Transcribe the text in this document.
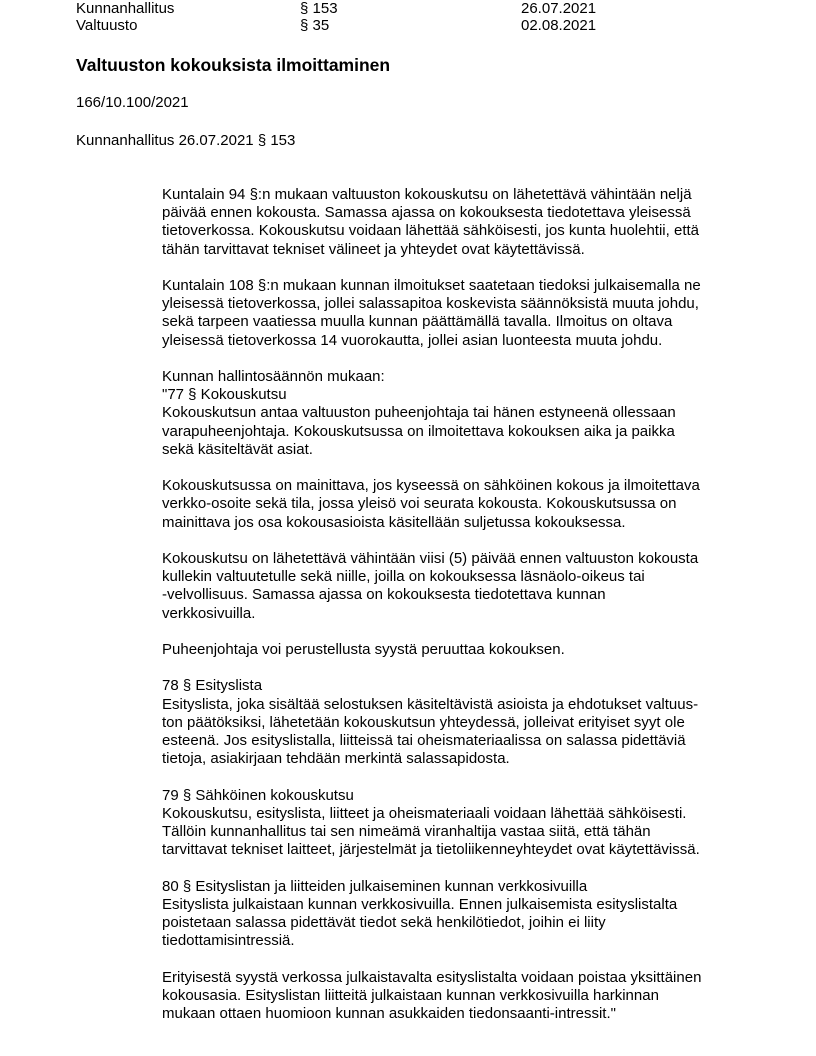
Kunnanhallitus	§ 153	26.07.2021
Valtuusto	§ 35	02.08.2021
Valtuuston kokouksista ilmoittaminen
166/10.100/2021
Kunnanhallitus 26.07.2021 § 153
Kuntalain 94 §:n mukaan valtuuston kokouskutsu on lähetettävä vähintään neljä
päivää ennen kokousta. Samassa ajassa on kokouksesta tiedotettava yleisessä
tietoverkossa. Kokouskutsu voidaan lähettää sähköisesti, jos kunta huolehtii, että
tähän tarvittavat tekniset välineet ja yhteydet ovat käytettävissä.
Kuntalain 108 §:n mukaan kunnan ilmoitukset saatetaan tiedoksi julkaisemalla ne
yleisessä tietoverkossa, jollei salassapitoa koskevista säännöksistä muuta johdu,
sekä tarpeen vaatiessa muulla kunnan päättämällä tavalla. Ilmoitus on oltava
yleisessä tietoverkossa 14 vuorokautta, jollei asian luonteesta muuta johdu.
Kunnan hallintosäännön mukaan:
"77 § Kokouskutsu
Kokouskutsun antaa valtuuston puheenjohtaja tai hänen estyneenä ollessaan
varapuheenjohtaja. Kokouskutsussa on ilmoitettava kokouksen aika ja paikka
sekä käsiteltävät asiat.
Kokouskutsussa on mainittava, jos kyseessä on sähköinen kokous ja ilmoitettava
verkko-osoite sekä tila, jossa yleisö voi seurata kokousta. Kokouskutsussa on
mainittava jos osa kokousasioista käsitellään suljetussa kokouksessa.
Kokouskutsu on lähetettävä vähintään viisi (5) päivää ennen valtuuston kokousta
kullekin valtuutetulle sekä niille, joilla on kokouksessa läsnäolo-oikeus tai
-velvollisuus. Samassa ajassa on kokouksesta tiedotettava kunnan
verkkosivuilla.
Puheenjohtaja voi perustellusta syystä peruuttaa kokouksen.
78 § Esityslista
Esityslista, joka sisältää selostuksen käsiteltävistä asioista ja ehdotukset valtuus-
ton päätöksiksi, lähetetään kokouskutsun yhteydessä, jolleivat erityiset syyt ole
esteenä. Jos esityslistalla, liitteissä tai oheismateriaalissa on salassa pidettäviä
tietoja, asiakirjaan tehdään merkintä salassapidosta.
79 § Sähköinen kokouskutsu
Kokouskutsu, esityslista, liitteet ja oheismateriaali voidaan lähettää sähköisesti.
Tällöin kunnanhallitus tai sen nimeämä viranhaltija vastaa siitä, että tähän
tarvittavat tekniset laitteet, järjestelmät ja tietoliikenneyhteydet ovat käytettävissä.
80 § Esityslistan ja liitteiden julkaiseminen kunnan verkkosivuilla
Esityslista julkaistaan kunnan verkkosivuilla. Ennen julkaisemista esityslistalta
poistetaan salassa pidettävät tiedot sekä henkilötiedot, joihin ei liity
tiedottamisintressiä.
Erityisestä syystä verkossa julkaistavalta esityslistalta voidaan poistaa yksittäinen
kokousasia. Esityslistan liitteitä julkaistaan kunnan verkkosivuilla harkinnan
mukaan ottaen huomioon kunnan asukkaiden tiedonsaanti-intressit."
